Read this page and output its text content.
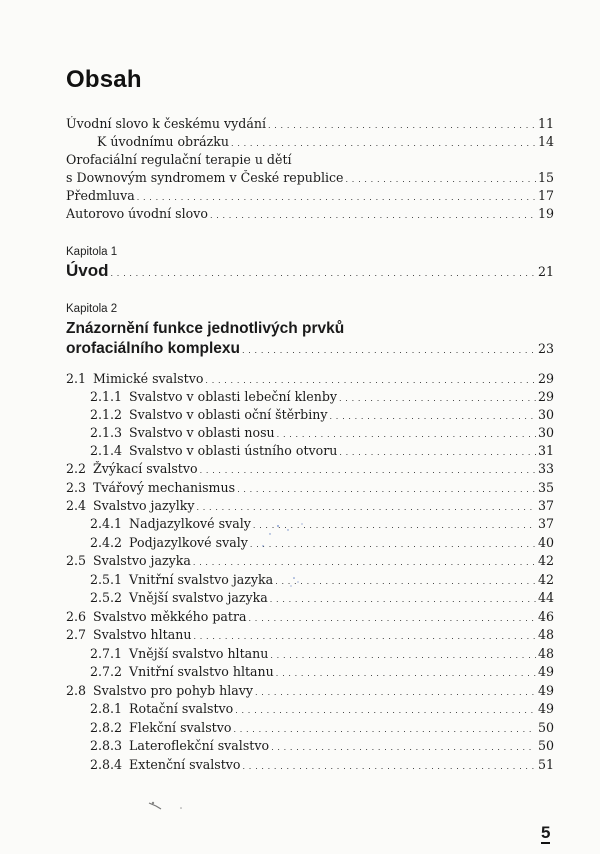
Obsah
Úvodní slovo k českému vydání . . .	11
K úvodnímu obrázku . . .	14
Orofaciální regulační terapie u dětí
s Downovým syndromem v České republice . . .	15
Předmluva . . .	17
Autorovo úvodní slovo . . .	19
Kapitola 1
Úvod . . .	21
Kapitola 2
Znázornění funkce jednotlivých prvků
orofaciálního komplexu . . .	23
2.1 Mimické svalstvo . . .	29
2.1.1 Svalstvo v oblasti lebeční klenby . . .	29
2.1.2 Svalstvo v oblasti oční štěrbiny . . .	30
2.1.3 Svalstvo v oblasti nosu . . .	30
2.1.4 Svalstvo v oblasti ústního otvoru . . .	31
2.2 Žvýkací svalstvo . . .	33
2.3 Tvářový mechanismus . . .	35
2.4 Svalstvo jazylky . . .	37
2.4.1 Nadjazylkové svaly . . .	37
2.4.2 Podjazylkové svaly . . .	40
2.5 Svalstvo jazyka . . .	42
2.5.1 Vnitřní svalstvo jazyka . . .	42
2.5.2 Vnější svalstvo jazyka . . .	44
2.6 Svalstvo měkkého patra . . .	46
2.7 Svalstvo hltanu . . .	48
2.7.1 Vnější svalstvo hltanu . . .	48
2.7.2 Vnitřní svalstvo hltanu . . .	49
2.8 Svalstvo pro pohyb hlavy . . .	49
2.8.1 Rotační svalstvo . . .	49
2.8.2 Flekční svalstvo . . .	50
2.8.3 Lateroflekční svalstvo . . .	50
2.8.4 Extenční svalstvo . . .	51
5
